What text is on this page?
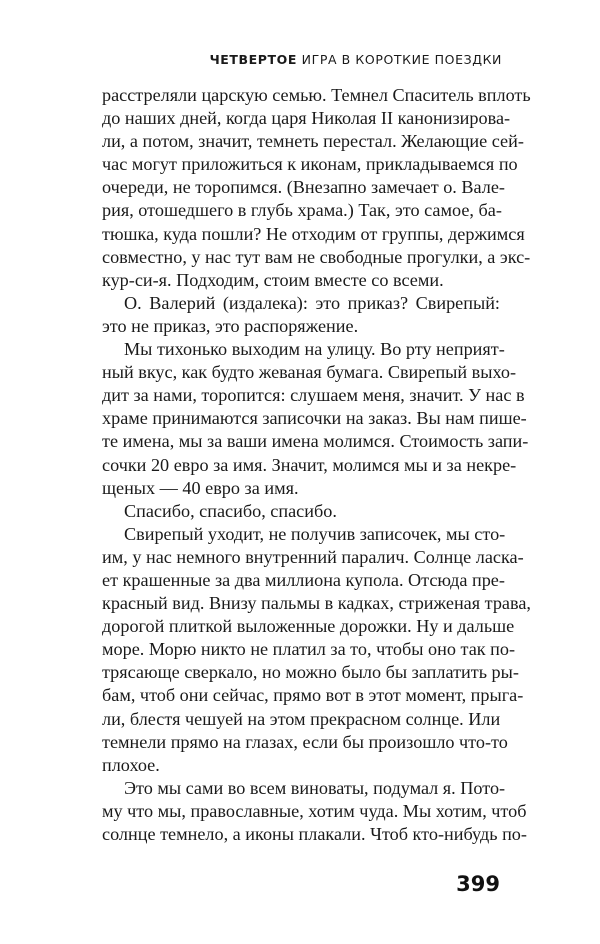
ЧЕТВЕРТОЕ ИГРА В КОРОТКИЕ ПОЕЗДКИ
расстреляли царскую семью. Темнел Спаситель вплоть
до наших дней, когда царя Николая II канонизирова-
ли, а потом, значит, темнеть перестал. Желающие сей-
час могут приложиться к иконам, прикладываемся по
очереди, не торопимся. (Внезапно замечает о. Вале-
рия, отошедшего в глубь храма.) Так, это самое, ба-
тюшка, куда пошли? Не отходим от группы, держимся
совместно, у нас тут вам не свободные прогулки, а экс-
кур-си-я. Подходим, стоим вместе со всеми.
О. Валерий (издалека): это приказ? Свирепый:
это не приказ, это распоряжение.
Мы тихонько выходим на улицу. Во рту неприят-
ный вкус, как будто жеваная бумага. Свирепый выхо-
дит за нами, торопится: слушаем меня, значит. У нас в
храме принимаются записочки на заказ. Вы нам пише-
те имена, мы за ваши имена молимся. Стоимость запи-
сочки 20 евро за имя. Значит, молимся мы и за некре-
щеных — 40 евро за имя.
Спасибо, спасибо, спасибо.
Свирепый уходит, не получив записочек, мы сто-
им, у нас немного внутренний паралич. Солнце ласка-
ет крашенные за два миллиона купола. Отсюда пре-
красный вид. Внизу пальмы в кадках, стриженая трава,
дорогой плиткой выложенные дорожки. Ну и дальше
море. Морю никто не платил за то, чтобы оно так по-
трясающе сверкало, но можно было бы заплатить ры-
бам, чтоб они сейчас, прямо вот в этот момент, прыга-
ли, блестя чешуей на этом прекрасном солнце. Или
темнели прямо на глазах, если бы произошло что-то
плохое.
Это мы сами во всем виноваты, подумал я. Пото-
му что мы, православные, хотим чуда. Мы хотим, чтоб
солнце темнело, а иконы плакали. Чтоб кто-нибудь по-
399
